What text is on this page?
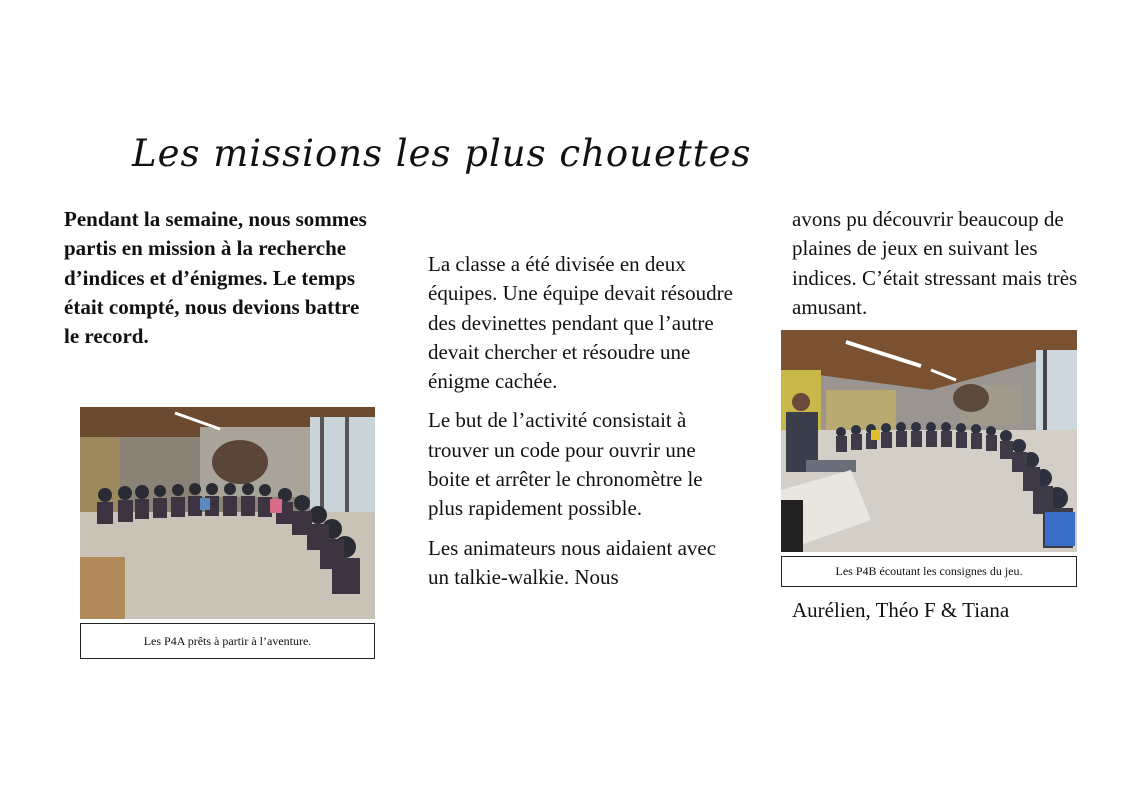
Les missions les plus chouettes

Pendant la semaine, nous sommes partis en mission à la recherche d’indices et d’énigmes. Le temps était compté, nous devions battre le record.

Les P4A prêts à partir à l’aventure.

La classe a été divisée en deux équipes. Une équipe devait résoudre des devinettes pendant que l’autre devait chercher et résoudre une énigme cachée.

Le but de l’activité consistait à trouver un code pour ouvrir une boite et arrêter le chronomètre le plus rapidement possible.

Les animateurs nous aidaient avec un talkie-walkie. Nous

avons pu découvrir beaucoup de plaines de jeux en suivant les indices. C’était stressant mais très amusant.

Les P4B écoutant les consignes du jeu.
Aurélien, Théo F & Tiana
